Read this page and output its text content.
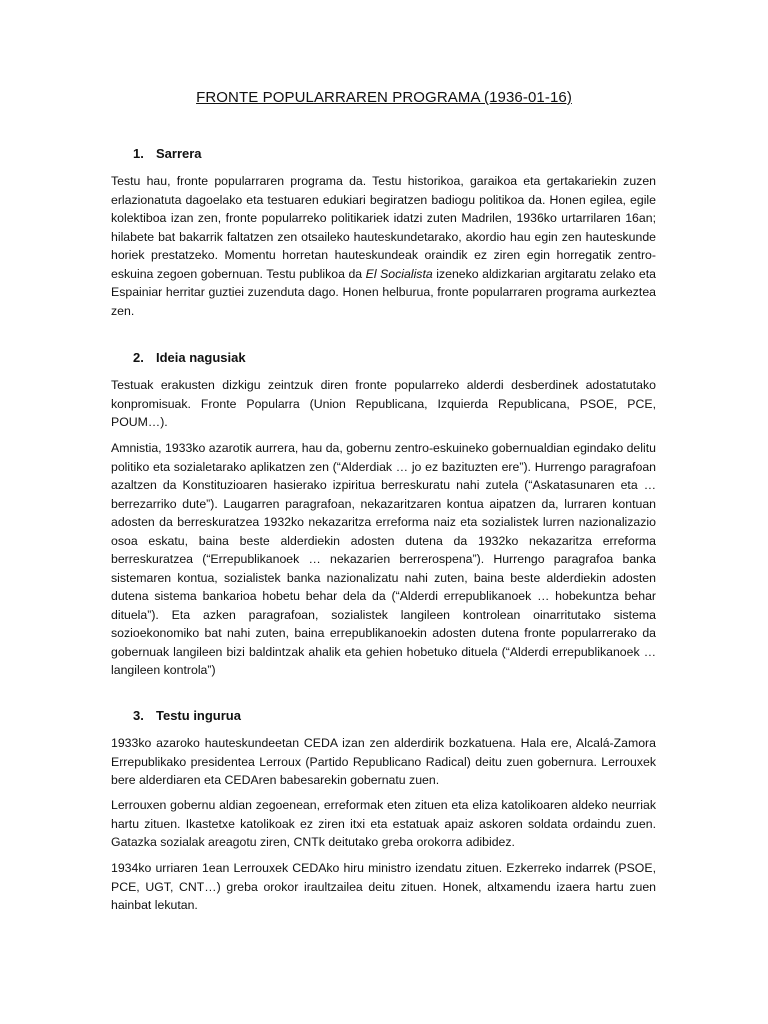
FRONTE POPULARRAREN PROGRAMA (1936-01-16)
1. Sarrera

Testu hau, fronte popularraren programa da. Testu historikoa, garaikoa eta gertakariekin zuzen erlazionatuta dagoelako eta testuaren edukiari begiratzen badiogu politikoa da. Honen egilea, egile kolektiboa izan zen, fronte popularreko politikariek idatzi zuten Madrilen, 1936ko urtarrilaren 16an; hilabete bat bakarrik faltatzen zen otsaileko hauteskundetarako, akordio hau egin zen hauteskunde horiek prestatzeko. Momentu horretan hauteskundeak oraindik ez ziren egin horregatik zentro-eskuina zegoen gobernuan. Testu publikoa da El Socialista izeneko aldizkarian argitaratu zelako eta Espainiar herritar guztiei zuzenduta dago. Honen helburua, fronte popularraren programa aurkeztea zen.

2. Ideia nagusiak

Testuak erakusten dizkigu zeintzuk diren fronte popularreko alderdi desberdinek adostatutako konpromisuak. Fronte Popularra (Union Republicana, Izquierda Republicana, PSOE, PCE, POUM…).

Amnistia, 1933ko azarotik aurrera, hau da, gobernu zentro-eskuineko gobernualdian egindako delitu politiko eta sozialetarako aplikatzen zen (“Alderdiak … jo ez bazituzten ere”). Hurrengo paragrafoan azaltzen da Konstituzioaren hasierako izpiritua berreskuratu nahi zutela (“Askatasunaren eta … berrezarriko dute”). Laugarren paragrafoan, nekazaritzaren kontua aipatzen da, lurraren kontuan adosten da berreskuratzea 1932ko nekazaritza erreforma naiz eta sozialistek lurren nazionalizazio osoa eskatu, baina beste alderdiekin adosten dutena da 1932ko nekazaritza erreforma berreskuratzea (“Errepublikanoek … nekazarien berrerospena”). Hurrengo paragrafoa banka sistemaren kontua, sozialistek banka nazionalizatu nahi zuten, baina beste alderdiekin adosten dutena sistema bankarioa hobetu behar dela da (“Alderdi errepublikanoek … hobekuntza behar dituela”). Eta azken paragrafoan, sozialistek langileen kontrolean oinarritutako sistema sozioekonomiko bat nahi zuten, baina errepublikanoekin adosten dutena fronte popularrerako da gobernuak langileen bizi baldintzak ahalik eta gehien hobetuko dituela (“Alderdi errepublikanoek … langileen kontrola”)

3. Testu ingurua

1933ko azaroko hauteskundeetan CEDA izan zen alderdirik bozkatuena. Hala ere, Alcalá-Zamora Errepublikako presidentea Lerroux (Partido Republicano Radical) deitu zuen gobernura. Lerrouxek bere alderdiaren eta CEDAren babesarekin gobernatu zuen.

Lerrouxen gobernu aldian zegoenean, erreformak eten zituen eta eliza katolikoaren aldeko neurriak hartu zituen. Ikastetxe katolikoak ez ziren itxi eta estatuak apaiz askoren soldata ordaindu zuen. Gatazka sozialak areagotu ziren, CNTk deitutako greba orokorra adibidez.

1934ko urriaren 1ean Lerrouxek CEDAko hiru ministro izendatu zituen. Ezkerreko indarrek (PSOE, PCE, UGT, CNT…) greba orokor iraultzailea deitu zituen. Honek, altxamendu izaera hartu zuen hainbat lekutan.
